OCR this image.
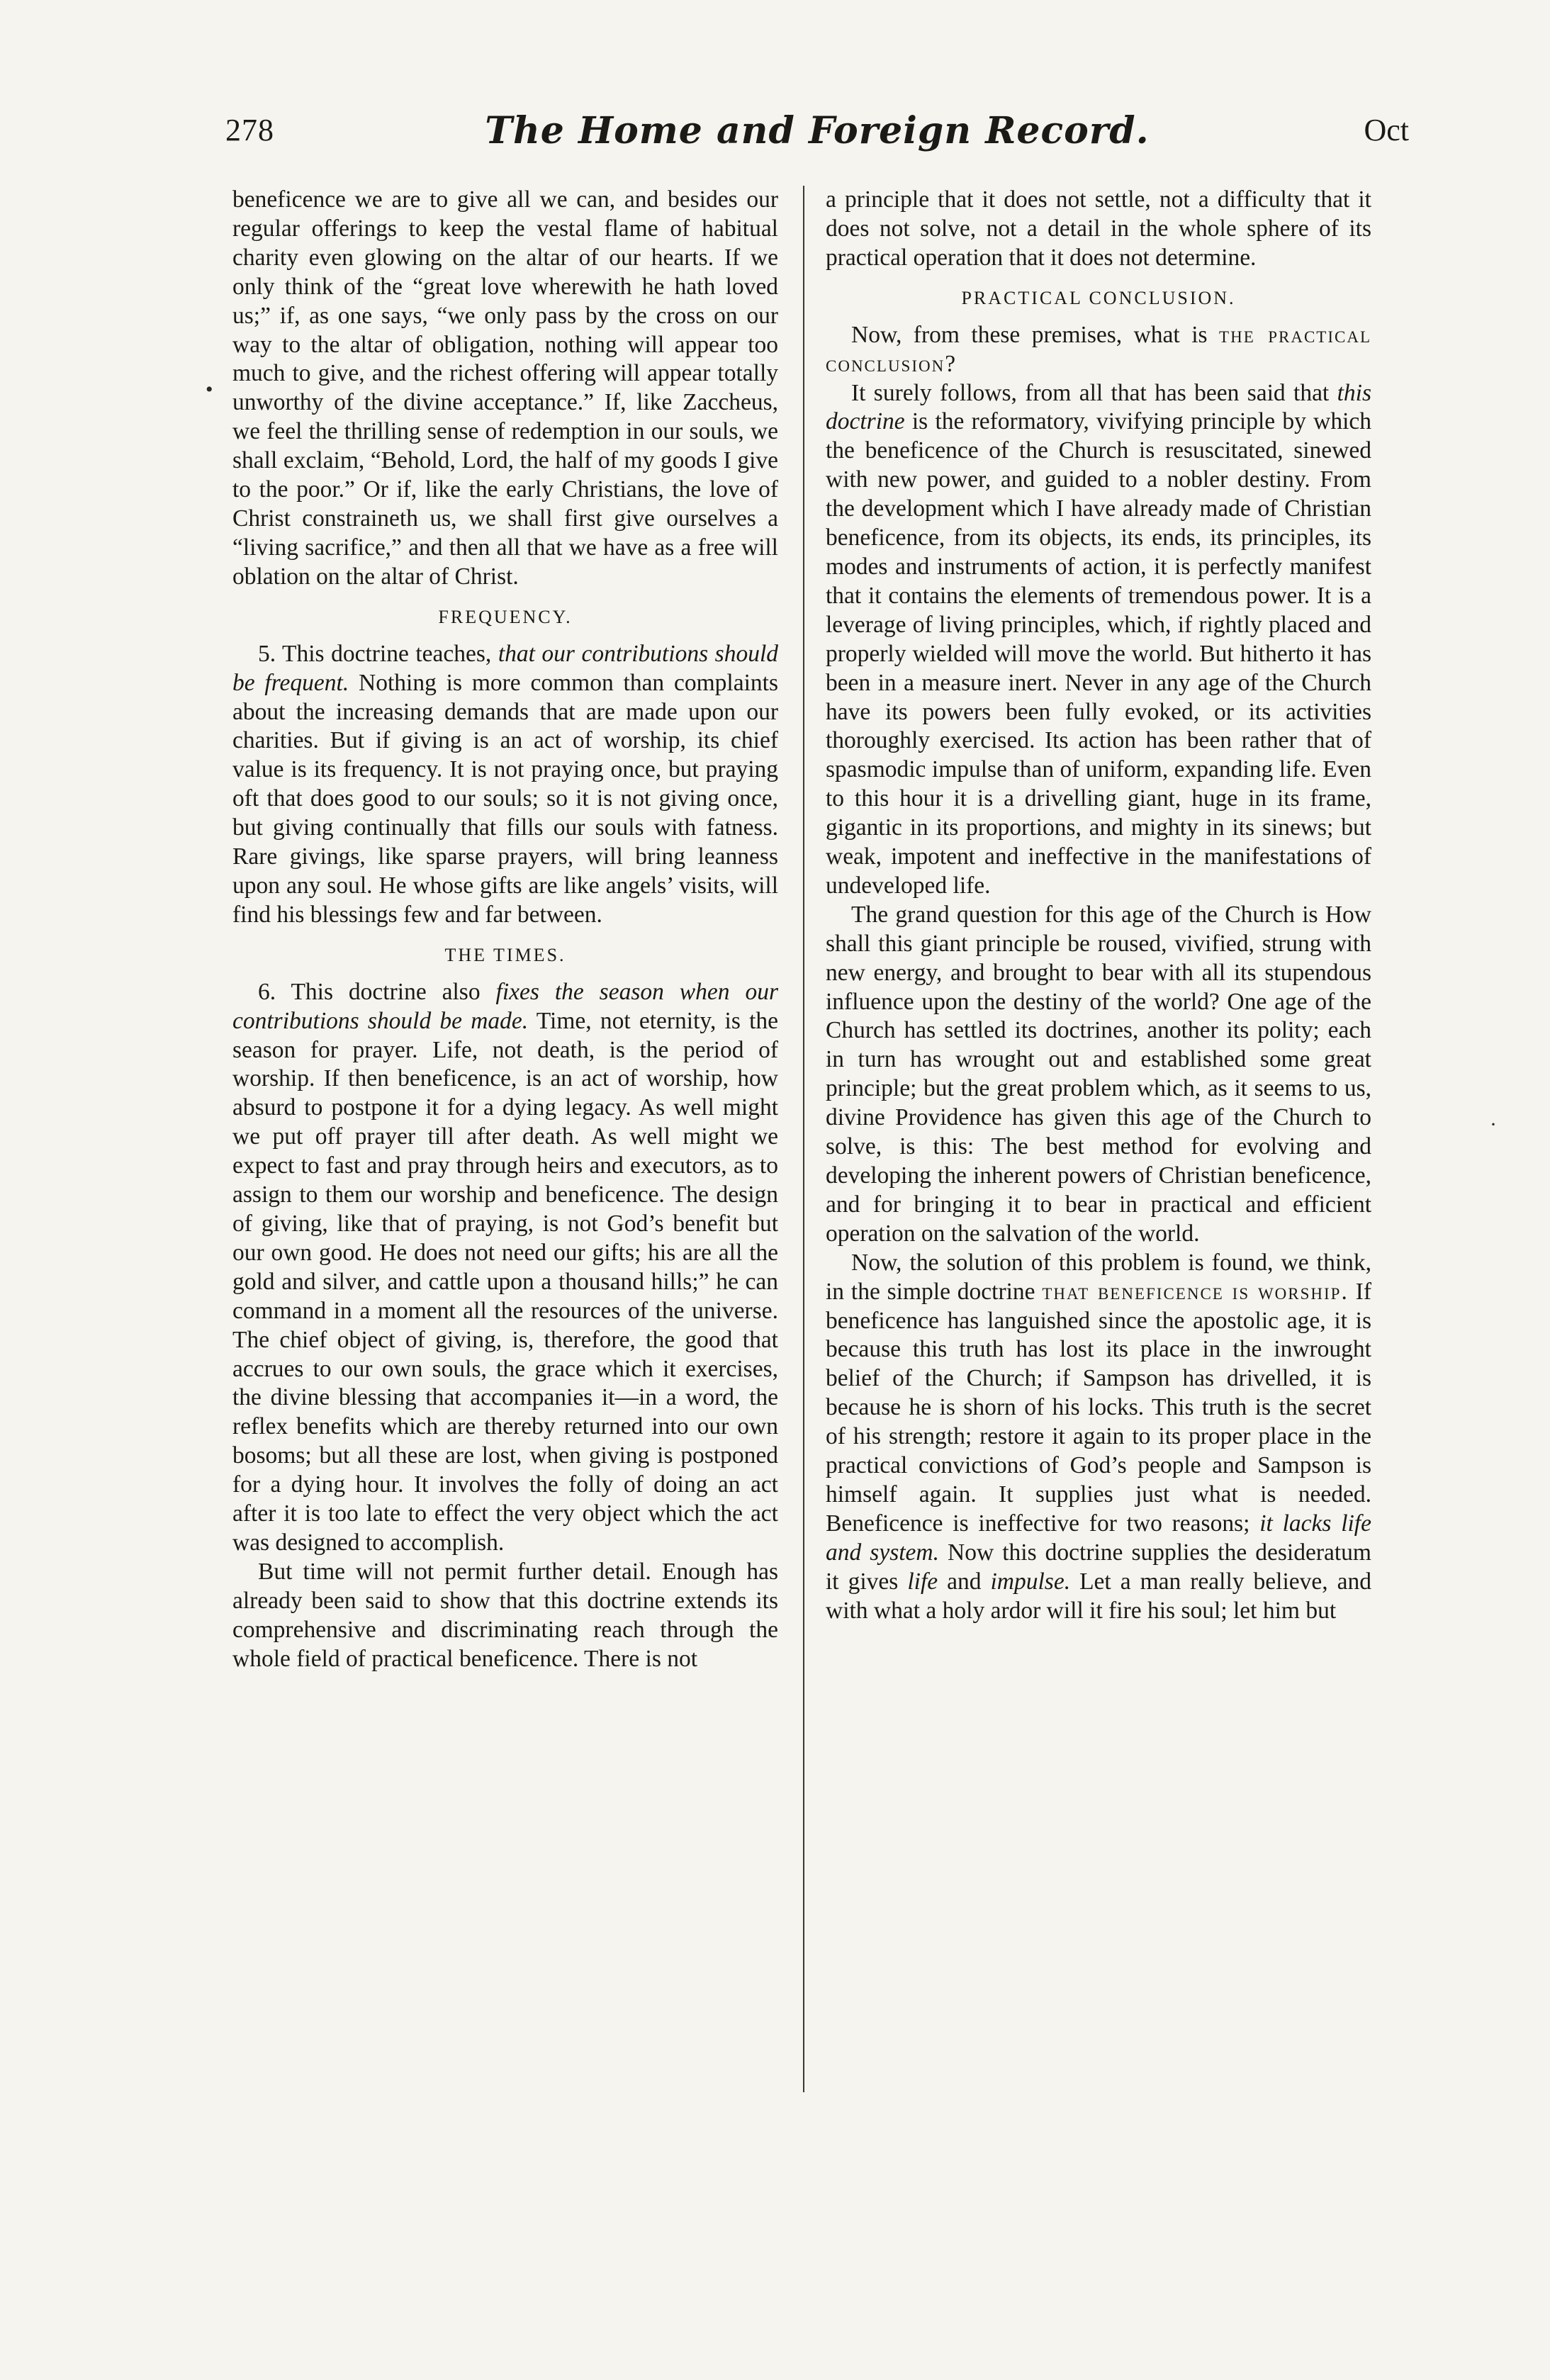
278	The Home and Foreign Record.	Oct

beneficence we are to give all we can, and besides our regular offerings to keep the vestal flame of habitual charity even glowing on the altar of our hearts. If we only think of the “great love wherewith he hath loved us;” if, as one says, “we only pass by the cross on our way to the altar of obligation, nothing will appear too much to give, and the richest offering will appear totally unworthy of the divine acceptance.” If, like Zaccheus, we feel the thrilling sense of redemption in our souls, we shall exclaim, “Behold, Lord, the half of my goods I give to the poor.” Or if, like the early Christians, the love of Christ constraineth us, we shall first give ourselves a “living sacrifice,” and then all that we have as a free will oblation on the altar of Christ.

FREQUENCY.

5. This doctrine teaches, that our contributions should be frequent. Nothing is more common than complaints about the increasing demands that are made upon our charities. But if giving is an act of worship, its chief value is its frequency. It is not praying once, but praying oft that does good to our souls; so it is not giving once, but giving continually that fills our souls with fatness. Rare givings, like sparse prayers, will bring leanness upon any soul. He whose gifts are like angels’ visits, will find his blessings few and far between.

THE TIMES.

6. This doctrine also fixes the season when our contributions should be made. Time, not eternity, is the season for prayer. Life, not death, is the period of worship. If then beneficence, is an act of worship, how absurd to postpone it for a dying legacy. As well might we put off prayer till after death. As well might we expect to fast and pray through heirs and executors, as to assign to them our worship and beneficence. The design of giving, like that of praying, is not God’s benefit but our own good. He does not need our gifts; his are all the gold and silver, and cattle upon a thousand hills;” he can command in a moment all the resources of the universe. The chief object of giving, is, therefore, the good that accrues to our own souls, the grace which it exercises, the divine blessing that accompanies it—in a word, the reflex benefits which are thereby returned into our own bosoms; but all these are lost, when giving is postponed for a dying hour. It involves the folly of doing an act after it is too late to effect the very object which the act was designed to accomplish.

But time will not permit further detail. Enough has already been said to show that this doctrine extends its comprehensive and discriminating reach through the whole field of practical beneficence. There is not

a principle that it does not settle, not a difficulty that it does not solve, not a detail in the whole sphere of its practical operation that it does not determine.

PRACTICAL CONCLUSION.

Now, from these premises, what is the practical conclusion?

It surely follows, from all that has been said that this doctrine is the reformatory, vivifying principle by which the beneficence of the Church is resuscitated, sinewed with new power, and guided to a nobler destiny. From the development which I have already made of Christian beneficence, from its objects, its ends, its principles, its modes and instruments of action, it is perfectly manifest that it contains the elements of tremendous power. It is a leverage of living principles, which, if rightly placed and properly wielded will move the world. But hitherto it has been in a measure inert. Never in any age of the Church have its powers been fully evoked, or its activities thoroughly exercised. Its action has been rather that of spasmodic impulse than of uniform, expanding life. Even to this hour it is a drivelling giant, huge in its frame, gigantic in its proportions, and mighty in its sinews; but weak, impotent and ineffective in the manifestations of undeveloped life.

The grand question for this age of the Church is How shall this giant principle be roused, vivified, strung with new energy, and brought to bear with all its stupendous influence upon the destiny of the world? One age of the Church has settled its doctrines, another its polity; each in turn has wrought out and established some great principle; but the great problem which, as it seems to us, divine Providence has given this age of the Church to solve, is this: The best method for evolving and developing the inherent powers of Christian beneficence, and for bringing it to bear in practical and efficient operation on the salvation of the world.

Now, the solution of this problem is found, we think, in the simple doctrine that beneficence is worship. If beneficence has languished since the apostolic age, it is because this truth has lost its place in the inwrought belief of the Church; if Sampson has drivelled, it is because he is shorn of his locks. This truth is the secret of his strength; restore it again to its proper place in the practical convictions of God’s people and Sampson is himself again. It supplies just what is needed. Beneficence is ineffective for two reasons; it lacks life and system. Now this doctrine supplies the desideratum it gives life and impulse. Let a man really believe, and with what a holy ardor will it fire his soul; let him but

•
·
